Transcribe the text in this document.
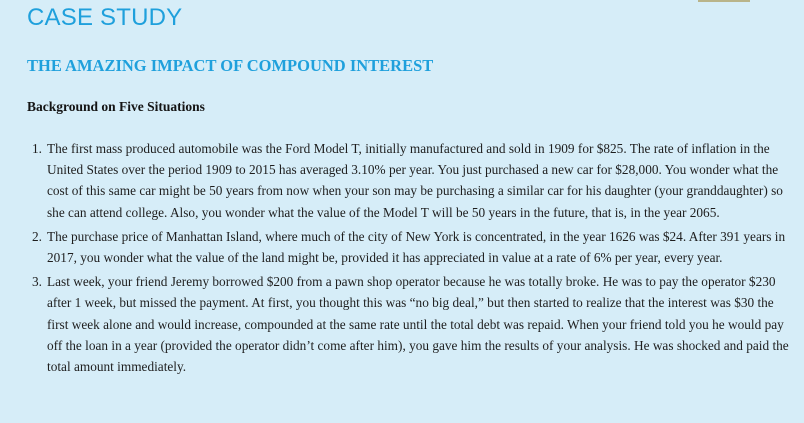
CASE STUDY
THE AMAZING IMPACT OF COMPOUND INTEREST
Background on Five Situations
1. The first mass produced automobile was the Ford Model T, initially manufactured and sold in 1909 for $825. The rate of inflation in the United States over the period 1909 to 2015 has averaged 3.10% per year. You just purchased a new car for $28,000. You wonder what the cost of this same car might be 50 years from now when your son may be purchasing a similar car for his daughter (your granddaughter) so she can attend college. Also, you wonder what the value of the Model T will be 50 years in the future, that is, in the year 2065.
2. The purchase price of Manhattan Island, where much of the city of New York is concentrated, in the year 1626 was $24. After 391 years in 2017, you wonder what the value of the land might be, provided it has appreciated in value at a rate of 6% per year, every year.
3. Last week, your friend Jeremy borrowed $200 from a pawn shop operator because he was totally broke. He was to pay the operator $230 after 1 week, but missed the payment. At first, you thought this was “no big deal,” but then started to realize that the interest was $30 the first week alone and would increase, compounded at the same rate until the total debt was repaid. When your friend told you he would pay off the loan in a year (provided the operator didn’t come after him), you gave him the results of your analysis. He was shocked and paid the total amount immediately.
